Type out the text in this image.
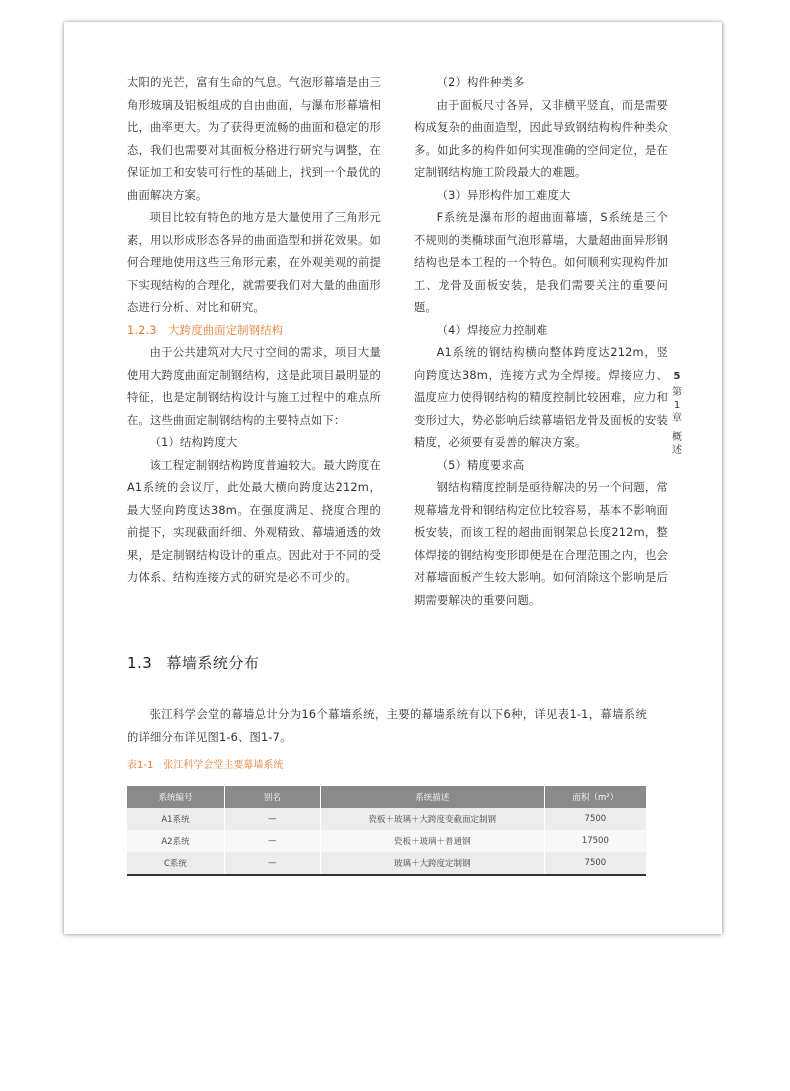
太阳的光芒，富有生命的气息。气泡形幕墙是由三角形玻璃及铝板组成的自由曲面，与瀑布形幕墙相比，曲率更大。为了获得更流畅的曲面和稳定的形态，我们也需要对其面板分格进行研究与调整，在保证加工和安装可行性的基础上，找到一个最优的曲面解决方案。

项目比较有特色的地方是大量使用了三角形元素，用以形成形态各异的曲面造型和拼花效果。如何合理地使用这些三角形元素，在外观美观的前提下实现结构的合理化，就需要我们对大量的曲面形态进行分析、对比和研究。

1.2.3　 大跨度曲面定制钢结构

由于公共建筑对大尺寸空间的需求，项目大量使用大跨度曲面定制钢结构，这是此项目最明显的特征，也是定制钢结构设计与施工过程中的难点所在。这些曲面定制钢结构的主要特点如下：

（1）结构跨度大

该工程定制钢结构跨度普遍较大。最大跨度在A1系统的会议厅，此处最大横向跨度达212m，最大竖向跨度达38m。在强度满足、挠度合理的前提下，实现截面纤细、外观精致、幕墙通透的效果，是定制钢结构设计的重点。因此对于不同的受力体系、结构连接方式的研究是必不可少的。

（2）构件种类多

由于面板尺寸各异，又非横平竖直，而是需要构成复杂的曲面造型，因此导致钢结构构件种类众多。如此多的构件如何实现准确的空间定位，是在定制钢结构施工阶段最大的难题。

（3）异形构件加工难度大

F系统是瀑布形的超曲面幕墙，S系统是三个不规则的类椭球面气泡形幕墙，大量超曲面异形钢结构也是本工程的一个特色。如何顺利实现构件加工、龙骨及面板安装，是我们需要关注的重要问题。

（4）焊接应力控制难

A1系统的钢结构横向整体跨度达212m，竖向跨度达38m，连接方式为全焊接。焊接应力、温度应力使得钢结构的精度控制比较困难，应力和变形过大，势必影响后续幕墙铝龙骨及面板的安装精度，必须要有妥善的解决方案。

（5）精度要求高

钢结构精度控制是亟待解决的另一个问题，常规幕墙龙骨和钢结构定位比较容易，基本不影响面板安装，而该工程的超曲面钢架总长度212m，整体焊接的钢结构变形即便是在合理范围之内，也会对幕墙面板产生较大影响。如何消除这个影响是后期需要解决的重要问题。

5
第
1
章
概
述
1.3 幕墙系统分布

张江科学会堂的幕墙总计分为16个幕墙系统，主要的幕墙系统有以下6种，详见表1-1，幕墙系统的详细分布详见图1-6、图1-7。

表1-1 张江科学会堂主要幕墙系统
系统编号	别名	系统描述	面积（m²）
A1系统	—	瓷板＋玻璃＋大跨度变截面定制钢	7500
A2系统	—	瓷板＋玻璃＋普通钢	17500
C系统	—	玻璃＋大跨度定制钢	7500
